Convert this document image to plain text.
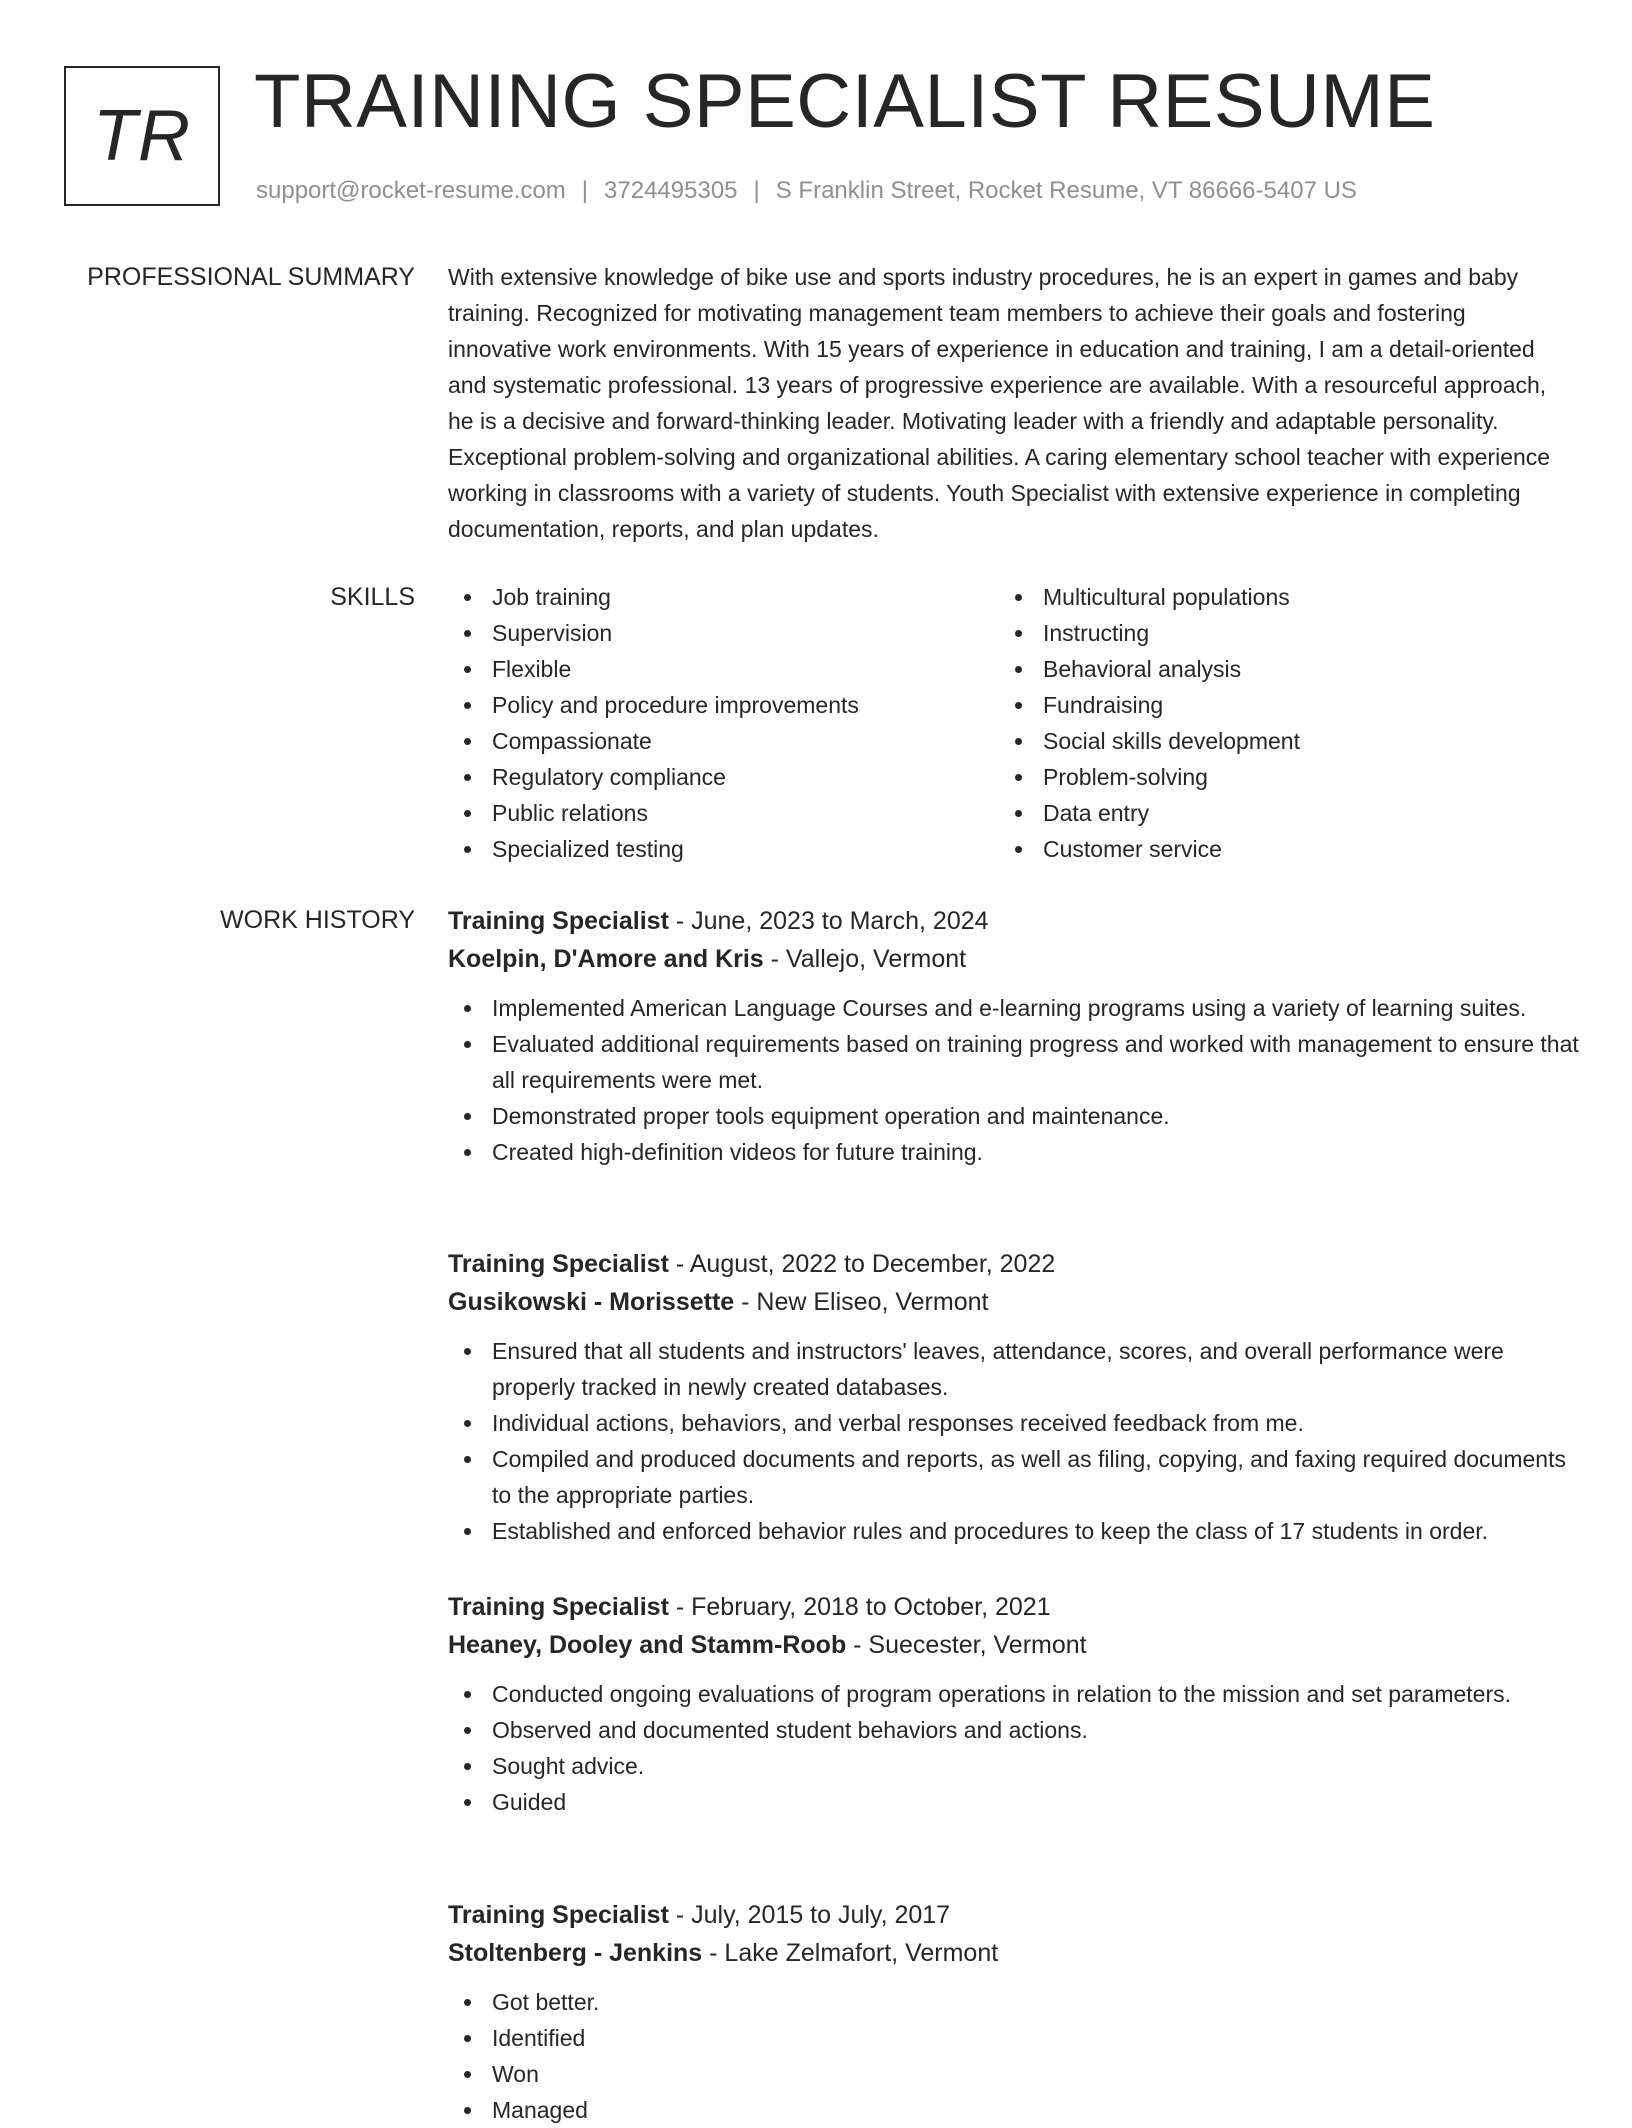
TR TRAINING SPECIALIST RESUME
support@rocket-resume.com | 3724495305 | S Franklin Street, Rocket Resume, VT 86666-5407 US
PROFESSIONAL SUMMARY With extensive knowledge of bike use and sports industry procedures, he is an expert in games and baby training. Recognized for motivating management team members to achieve their goals and fostering innovative work environments. With 15 years of experience in education and training, I am a detail-oriented and systematic professional. 13 years of progressive experience are available. With a resourceful approach, he is a decisive and forward-thinking leader. Motivating leader with a friendly and adaptable personality. Exceptional problem-solving and organizational abilities. A caring elementary school teacher with experience working in classrooms with a variety of students. Youth Specialist with extensive experience in completing documentation, reports, and plan updates.

SKILLS	Job training
Supervision
Flexible
Policy and procedure improvements
Compassionate
Regulatory compliance
Public relations
Specialized testing
Multicultural populations
Instructing
Behavioral analysis
Fundraising
Social skills development
Problem-solving
Data entry
Customer service
WORK HISTORY Training Specialist - June, 2023 to March, 2024
Koelpin, D'Amore and Kris - Vallejo, Vermont
Implemented American Language Courses and e-learning programs using a variety of learning suites.
Evaluated additional requirements based on training progress and worked with management to ensure that all requirements were met.
Demonstrated proper tools equipment operation and maintenance.
Created high-definition videos for future training.
Training Specialist - August, 2022 to December, 2022
Gusikowski - Morissette - New Eliseo, Vermont
Ensured that all students and instructors' leaves, attendance, scores, and overall performance were properly tracked in newly created databases.
Individual actions, behaviors, and verbal responses received feedback from me.
Compiled and produced documents and reports, as well as filing, copying, and faxing required documents to the appropriate parties.
Established and enforced behavior rules and procedures to keep the class of 17 students in order.
Training Specialist - February, 2018 to October, 2021
Heaney, Dooley and Stamm-Roob - Suecester, Vermont
Conducted ongoing evaluations of program operations in relation to the mission and set parameters.
Observed and documented student behaviors and actions.
Sought advice.
Guided
Training Specialist - July, 2015 to July, 2017
Stoltenberg - Jenkins - Lake Zelmafort, Vermont
Got better.
Identified
Won
Managed
